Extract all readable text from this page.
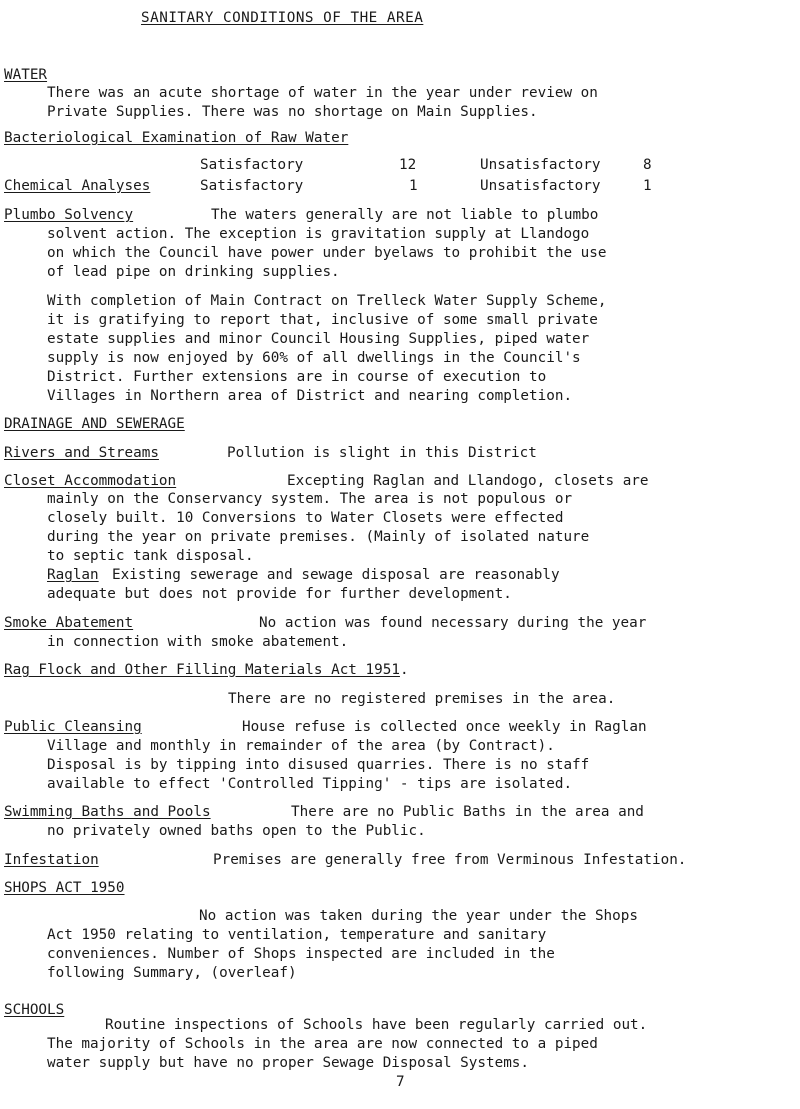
SANITARY CONDITIONS OF THE AREA
WATER
There was an acute shortage of water in the year under review on
Private Supplies. There was no shortage on Main Supplies.
Bacteriological Examination of Raw Water
Satisfactory	12	Unsatisfactory	8
Chemical Analyses	Satisfactory	1	Unsatisfactory	1
Plumbo Solvency	The waters generally are not liable to plumbo
solvent action. The exception is gravitation supply at Llandogo
on which the Council have power under byelaws to prohibit the use
of lead pipe on drinking supplies.
With completion of Main Contract on Trelleck Water Supply Scheme,
it is gratifying to report that, inclusive of some small private
estate supplies and minor Council Housing Supplies, piped water
supply is now enjoyed by 60% of all dwellings in the Council's
District. Further extensions are in course of execution to
Villages in Northern area of District and nearing completion.
DRAINAGE AND SEWERAGE
Rivers and Streams	Pollution is slight in this District
Closet Accommodation	Excepting Raglan and Llandogo, closets are
mainly on the Conservancy system. The area is not populous or
closely built. 10 Conversions to Water Closets were effected
during the year on private premises. (Mainly of isolated nature
to septic tank disposal.
Raglan Existing sewerage and sewage disposal are reasonably
adequate but does not provide for further development.
Smoke Abatement	No action was found necessary during the year
in connection with smoke abatement.
Rag Flock and Other Filling Materials Act 1951.
There are no registered premises in the area.
Public Cleansing	House refuse is collected once weekly in Raglan
Village and monthly in remainder of the area (by Contract).
Disposal is by tipping into disused quarries. There is no staff
available to effect 'Controlled Tipping' - tips are isolated.
Swimming Baths and Pools	There are no Public Baths in the area and
no privately owned baths open to the Public.
Infestation	Premises are generally free from Verminous Infestation.
SHOPS ACT 1950
No action was taken during the year under the Shops
Act 1950 relating to ventilation, temperature and sanitary
conveniences. Number of Shops inspected are included in the
following Summary, (overleaf)
SCHOOLS
Routine inspections of Schools have been regularly carried out.
The majority of Schools in the area are now connected to a piped
water supply but have no proper Sewage Disposal Systems.
7
